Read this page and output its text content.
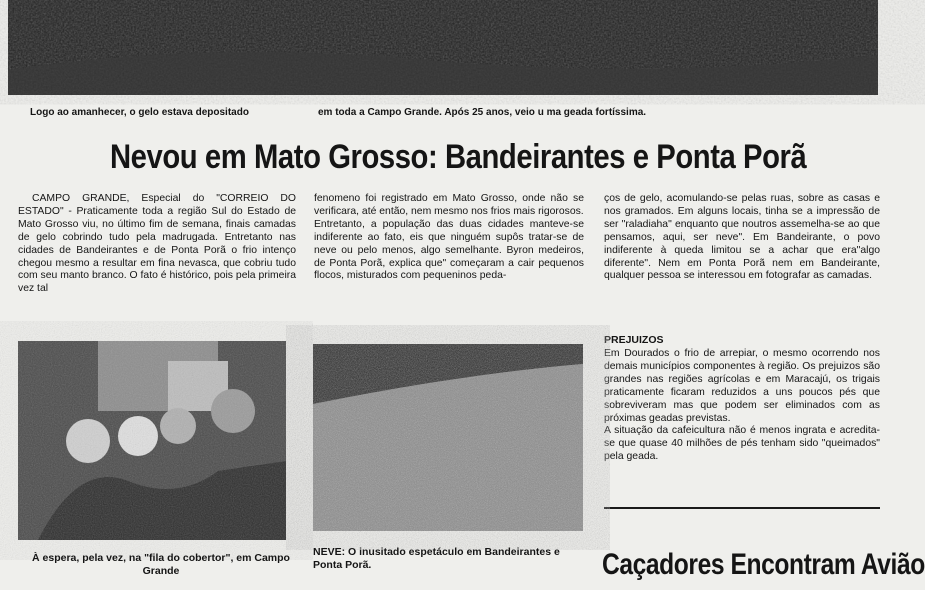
Logo ao amanhecer, o gelo estava depositado	em toda a Campo Grande. Após 25 anos, veio u ma geada fortíssima.
Nevou em Mato Grosso: Bandeirantes e Ponta Porã
CAMPO GRANDE, Especial do "CORREIO DO ESTADO" - Praticamente toda a região Sul do Estado de Mato Grosso viu, no último fim de semana, finais camadas de gelo cobrindo tudo pela madrugada. Entretanto nas cidades de Bandeirantes e de Ponta Porã o frio intenço chegou mesmo a resultar em fina nevasca, que cobriu tudo com seu manto branco. O fato é histórico, pois pela primeira vez tal
fenomeno foi registrado em Mato Grosso, onde não se verificara, até então, nem mesmo nos frios mais rigorosos.
Entretanto, a população das duas cidades manteve-se indiferente ao fato, eis que ninguém supôs tratar-se de neve ou pelo menos, algo semelhante. Byron medeiros, de Ponta Porã, explica que" começaram a cair pequenos flocos, misturados com pequeninos peda-
ços de gelo, acomulando-se pelas ruas, sobre as casas e nos gramados. Em alguns locais, tinha se a impressão de ser "raladiaha" enquanto que noutros assemelha-se ao que pensamos, aqui, ser neve". Em Bandeirante, o povo indiferente à queda limitou se a achar que era"algo diferente". Nem em Ponta Porã nem em Bandeirante, qualquer pessoa se interessou em fotografar as camadas.
PREJUIZOS
Em Dourados o frio de arrepiar, o mesmo ocorrendo nos demais municípios componentes à região. Os prejuizos são grandes nas regiões agrícolas e em Maracajú, os trigais praticamente ficaram reduzidos a uns poucos pés que sobreviveram mas que podem ser eliminados com as próximas geadas previstas.
A situação da cafeicultura não é menos ingrata e acredita-se que quase 40 milhões de pés tenham sido "queimados" pela geada.
À espera, pela vez, na "fila do cobertor", em Campo Grande
NEVE: O inusitado espetáculo em Bandeirantes e Ponta Porã.	Caçadores Encontram Avião
